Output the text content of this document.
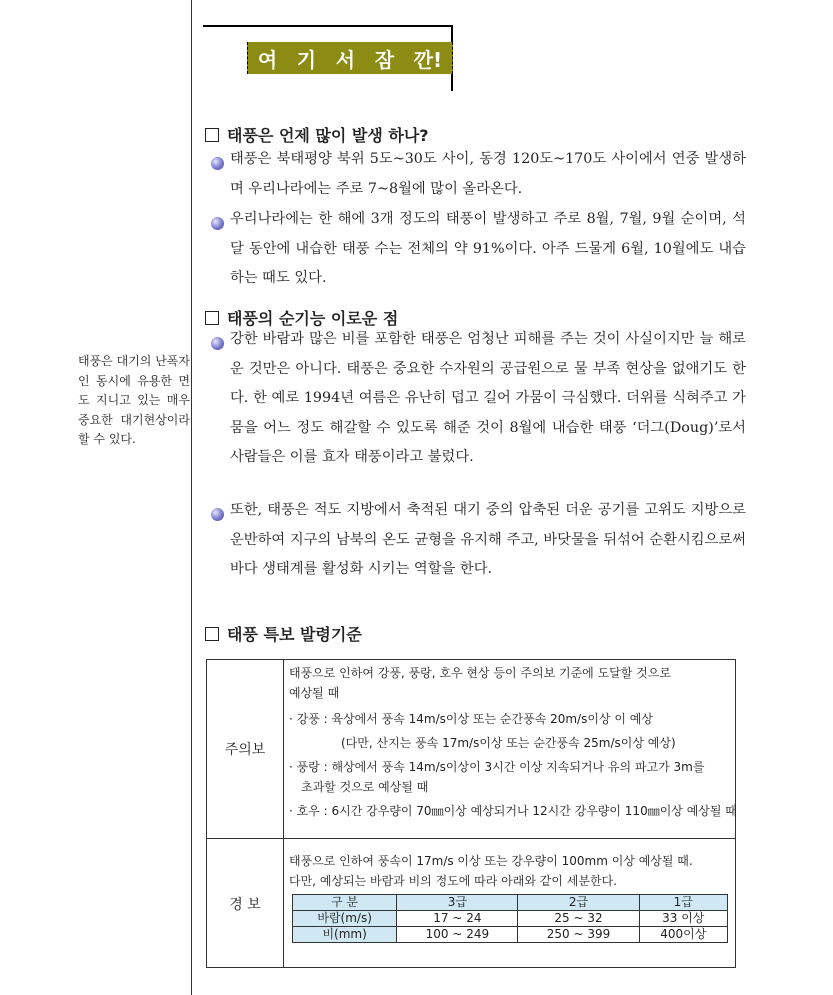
여 기 서 잠 깐!
태풍은 대기의 난폭자인 동시에 유용한 면도 지니고 있는 매우 중요한 대기현상이라 할 수 있다.
태풍은 언제 많이 발생 하나?
태풍은 북태평양 북위 5도~30도 사이, 동경 120도~170도 사이에서 연중 발생하며 우리나라에는 주로 7~8월에 많이 올라온다.
우리나라에는 한 해에 3개 정도의 태풍이 발생하고 주로 8월, 7월, 9월 순이며, 석 달 동안에 내습한 태풍 수는 전체의 약 91%이다. 아주 드물게 6월, 10월에도 내습하는 때도 있다.
태풍의 순기능 이로운 점
강한 바람과 많은 비를 포함한 태풍은 엄청난 피해를 주는 것이 사실이지만 늘 해로운 것만은 아니다. 태풍은 중요한 수자원의 공급원으로 물 부족 현상을 없애기도 한다. 한 예로 1994년 여름은 유난히 덥고 길어 가뭄이 극심했다. 더위를 식혀주고 가뭄을 어느 정도 해갈할 수 있도록 해준 것이 8월에 내습한 태풍 ‘더그(Doug)’로서 사람들은 이를 효자 태풍이라고 불렀다.
또한, 태풍은 적도 지방에서 축적된 대기 중의 압축된 더운 공기를 고위도 지방으로 운반하여 지구의 남북의 온도 균형을 유지해 주고, 바닷물을 뒤섞어 순환시킴으로써 바다 생태계를 활성화 시키는 역할을 한다.
태풍 특보 발령기준
주의보
태풍으로 인하여 강풍, 풍랑, 호우 현상 등이 주의보 기준에 도달할 것으로
예상될 때
· 강풍 : 육상에서 풍속 14m/s이상 또는 순간풍속 20m/s이상 이 예상
(다만, 산지는 풍속 17m/s이상 또는 순간풍속 25m/s이상 예상)
· 풍랑 : 해상에서 풍속 14m/s이상이 3시간 이상 지속되거나 유의 파고가 3m를
초과할 것으로 예상될 때
· 호우 : 6시간 강우량이 70㎜이상 예상되거나 12시간 강우량이 110㎜이상 예상될 때
경 보
태풍으로 인하여 풍속이 17m/s 이상 또는 강우량이 100mm 이상 예상될 때.
다만, 예상되는 바람과 비의 정도에 따라 아래와 같이 세분한다.
구 분	3급	2급	1급
바람(m/s)	17 ~ 24	25 ~ 32	33 이상
비(mm)	100 ~ 249	250 ~ 399	400이상
